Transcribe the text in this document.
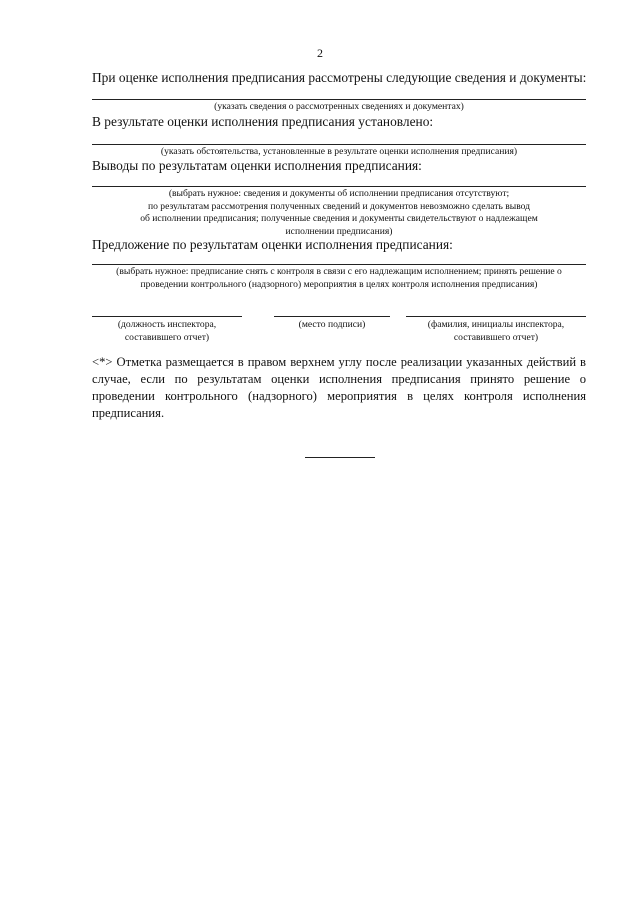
2
При оценке исполнения предписания рассмотрены следующие сведения и документы:
(указать сведения о рассмотренных сведениях и документах)
В результате оценки исполнения предписания установлено:
(указать обстоятельства, установленные в результате оценки исполнения предписания)
Выводы по результатам оценки исполнения предписания:
(выбрать нужное: сведения и документы об исполнении предписания отсутствуют;
по результатам рассмотрения полученных сведений и документов невозможно сделать вывод
об исполнении предписания; полученные сведения и документы свидетельствуют о надлежащем
исполнении предписания)
Предложение по результатам оценки исполнения предписания:
(выбрать нужное: предписание снять с контроля в связи с его надлежащим исполнением; принять решение о
проведении контрольного (надзорного) мероприятия в целях контроля исполнения предписания)
(должность инспектора,
составившего отчет)
(место подписи)	(фамилия, инициалы инспектора,
составившего отчет)

<*> Отметка размещается в правом верхнем углу после реализации указанных действий в случае, если по результатам оценки исполнения предписания принято решение о проведении контрольного (надзорного) мероприятия в целях контроля исполнения предписания.
